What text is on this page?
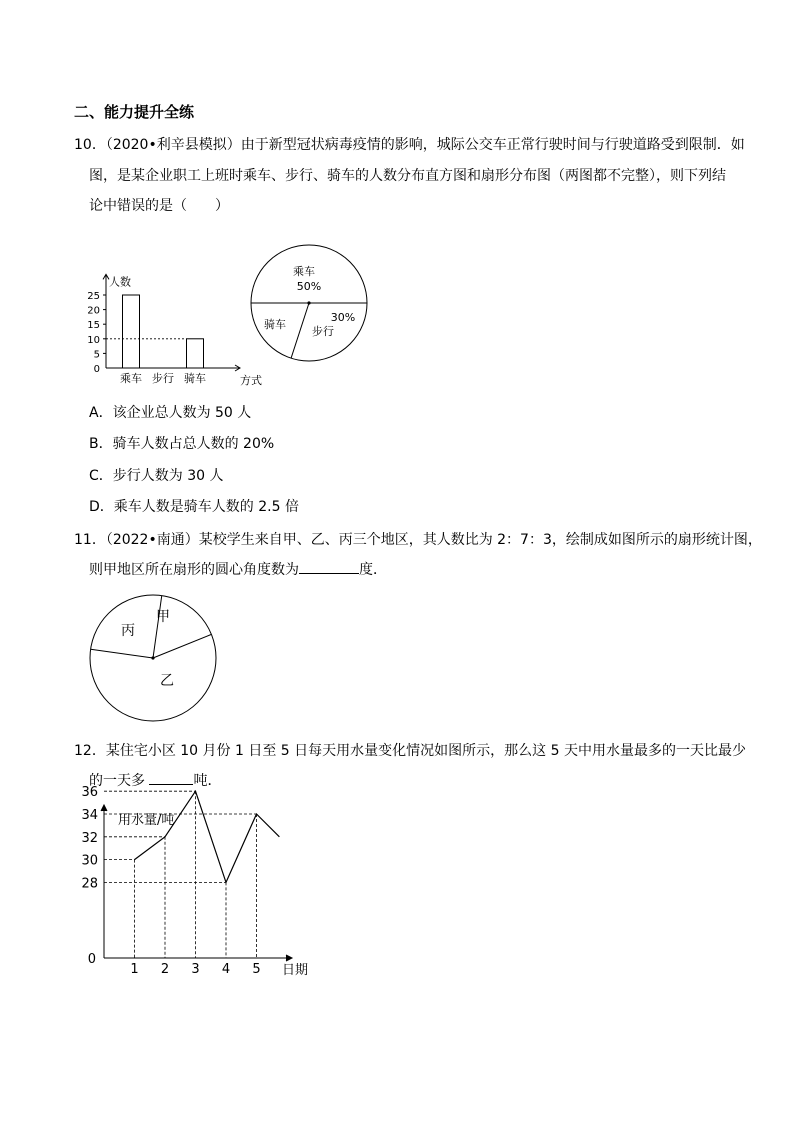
二、能力提升全练
10．（2020•利辛县模拟）由于新型冠状病毒疫情的影响，城际公交车正常行驶时间与行驶道路受到限制．如
图，是某企业职工上班时乘车、步行、骑车的人数分布直方图和扇形分布图（两图都不完整），则下列结
论中错误的是（　　）
人数
方式
0
5
10
15
20
25
乘车 步行 骑车
乘车
50%
30%
步行
骑车
A．该企业总人数为 50 人
B．骑车人数占总人数的 20%
C．步行人数为 30 人
D．乘车人数是骑车人数的 2.5 倍
11．（2022•南通）某校学生来自甲、乙、丙三个地区，其人数比为 2：7：3，绘制成如图所示的扇形统计图，
则甲地区所在扇形的圆心角度数为	度．
甲
乙
丙
12．某住宅小区 10 月份 1 日至 5 日每天用水量变化情况如图所示，那么这 5 天中用水量最多的一天比最少
的一天多	吨．
用水量/吨
日期
0
28
30
32
34
36
1 2 3 4 5
